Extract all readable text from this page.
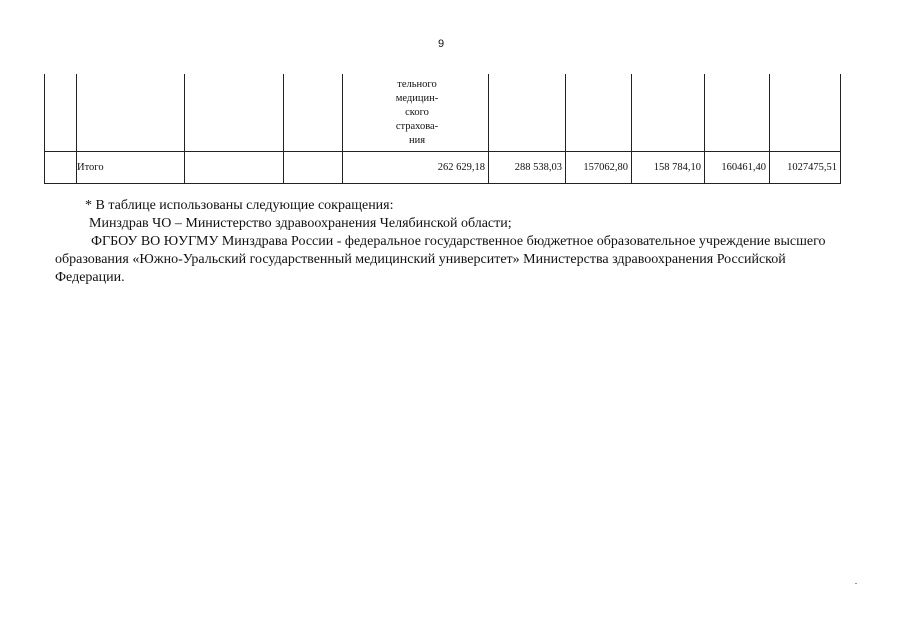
9

				тельного
медицин-
ского
страхова-
ния					

	Итого			262 629,18	288 538,03	157062,80	158 784,10	160461,40	1027475,51

* В таблице использованы следующие сокращения:

Минздрав ЧО – Министерство здравоохранения Челябинской области;

ФГБОУ ВО ЮУГМУ Минздрава России - федеральное государственное бюджетное образовательное учреждение высшего образования «Южно-Уральский государственный медицинский университет» Министерства здравоохранения Российской Федерации.
